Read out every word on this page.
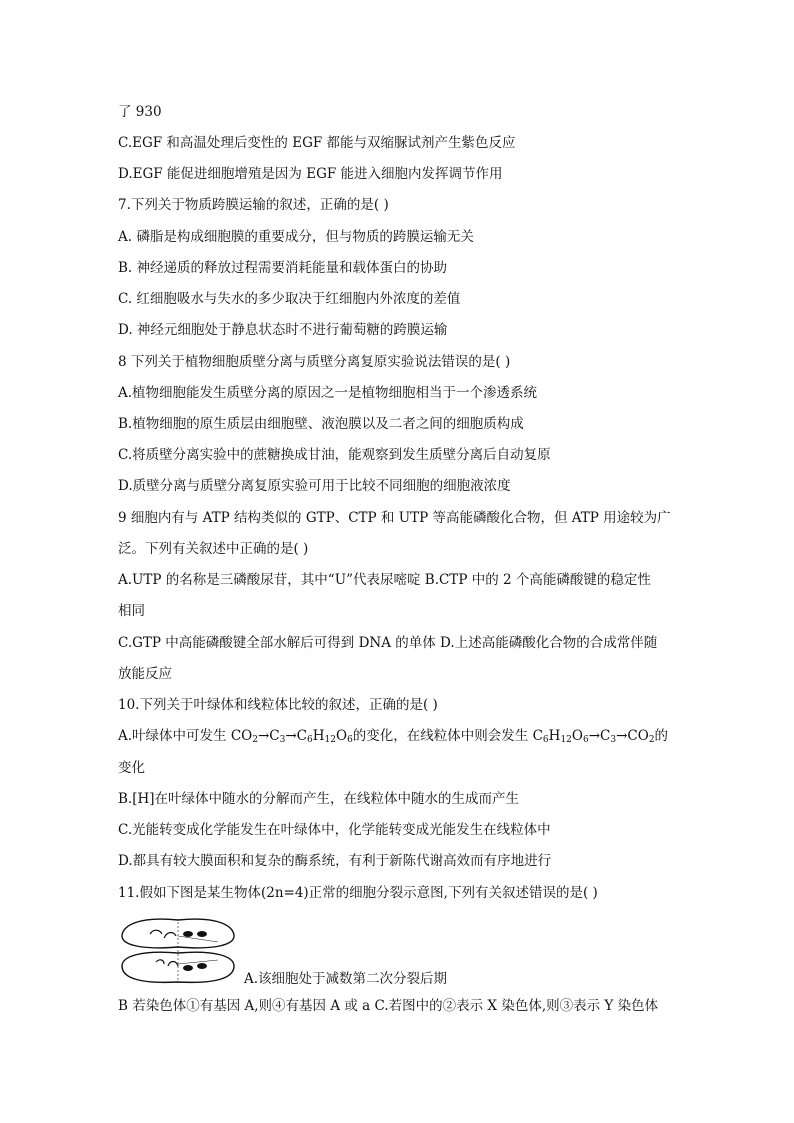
了 930
C.EGF 和高温处理后变性的 EGF 都能与双缩脲试剂产生紫色反应
D.EGF 能促进细胞增殖是因为 EGF 能进入细胞内发挥调节作用
7.下列关于物质跨膜运输的叙述，正确的是( )
A. 磷脂是构成细胞膜的重要成分，但与物质的跨膜运输无关
B. 神经递质的释放过程需要消耗能量和载体蛋白的协助
C. 红细胞吸水与失水的多少取决于红细胞内外浓度的差值
D. 神经元细胞处于静息状态时不进行葡萄糖的跨膜运输
8 下列关于植物细胞质壁分离与质壁分离复原实验说法错误的是( )
A.植物细胞能发生质壁分离的原因之一是植物细胞相当于一个渗透系统
B.植物细胞的原生质层由细胞壁、液泡膜以及二者之间的细胞质构成
C.将质壁分离实验中的蔗糖换成甘油，能观察到发生质壁分离后自动复原
D.质壁分离与质壁分离复原实验可用于比较不同细胞的细胞液浓度
9 细胞内有与 ATP 结构类似的 GTP、CTP 和 UTP 等高能磷酸化合物，但 ATP 用途较为广
泛。下列有关叙述中正确的是( )
A.UTP 的名称是三磷酸尿苷，其中“U”代表尿嘧啶 B.CTP 中的 2 个高能磷酸键的稳定性
相同
C.GTP 中高能磷酸键全部水解后可得到 DNA 的单体 D.上述高能磷酸化合物的合成常伴随
放能反应
10.下列关于叶绿体和线粒体比较的叙述，正确的是( )
A.叶绿体中可发生 $CO_2\to C_3\to C_6H_{12}O_6$的变化，在线粒体中则会发生 $C_6H_{12}O_6\to C_3\to CO_2$的
变化
B.[H]在叶绿体中随水的分解而产生，在线粒体中随水的生成而产生
C.光能转变成化学能发生在叶绿体中，化学能转变成光能发生在线粒体中
D.都具有较大膜面积和复杂的酶系统，有利于新陈代谢高效而有序地进行
11.假如下图是某生物体(2n=4)正常的细胞分裂示意图,下列有关叙述错误的是( )
A.该细胞处于减数第二次分裂后期
B 若染色体①有基因 A,则④有基因 A 或 a C.若图中的②表示 X 染色体,则③表示 Y 染色体
